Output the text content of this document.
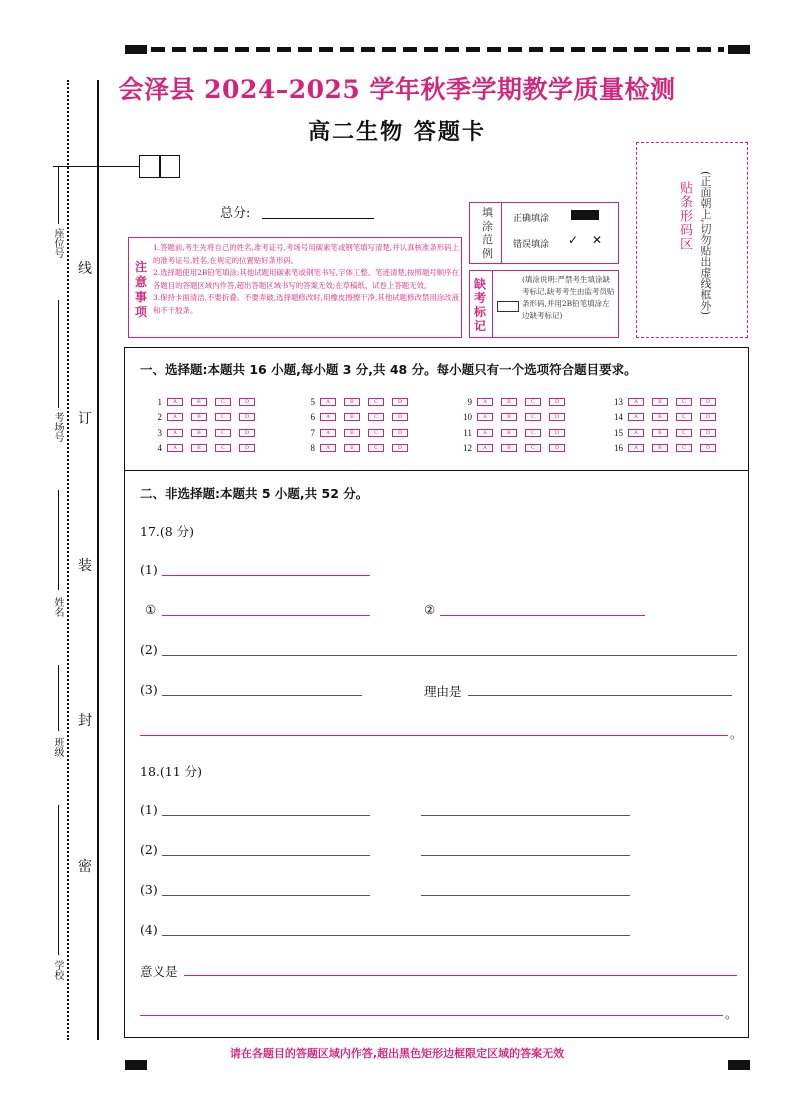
会泽县 2024–2025 学年秋季学期教学质量检测
高二生物 答题卡
贴条形码区 (正面朝上,切勿贴出虚线框外)
总分:
注意事项
1.答题前,考生先将自己的姓名,准考证号,考场号用碳素笔或钢笔填写清楚,并认真核准条形码上的准考证号,姓名,在规定的位置贴好条形码。
2.选择题使用2B铅笔填涂;其他试题用碳素笔或钢笔书写,字体工整、笔迹清楚,按照题号顺序在各题目的答题区域内作答,超出答题区域书写的答案无效;在草稿纸、试卷上答题无效。
3.保持卡面清洁,不要折叠、不要弄破,选择题修改时,用橡皮擦擦干净,其他试题修改禁用涂改液和不干胶条。
填涂范例
正确填涂
错误填涂 ✓ ✕
缺考标记
(填涂说明:严禁考生填涂缺考标记,缺考考生由监考员贴条形码,并用2B铅笔填涂左边缺考标记)
一、选择题:本题共 16 小题,每小题 3 分,共 48 分。每小题只有一个选项符合题目要求。
1	A	B	C	D
2	A	B	C	D
3	A	B	C	D
4	A	B	C	D
5	A	B	C	D
6	A	B	C	D
7	A	B	C	D
8	A	B	C	D
9	A	B	C	D
10	A	B	C	D
11	A	B	C	D
12	A	B	C	D
13	A	B	C	D
14	A	B	C	D
15	A	B	C	D
16	A	B	C	D
二、非选择题:本题共 5 小题,共 52 分。
17.(8 分)
(1)
①	②
(2)
(3)	理由是
。
18.(11 分)
(1)
(2)
(3)
(4)
意义是
。
请在各题目的答题区域内作答,超出黑色矩形边框限定区域的答案无效
座位号
考场号
姓名
班级
学校
线
订
装
封
密
